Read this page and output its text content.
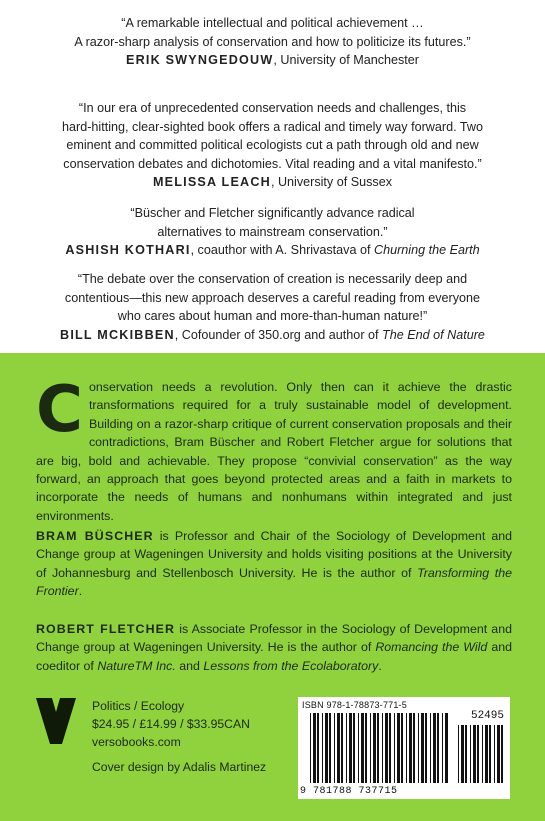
“A remarkable intellectual and political achievement …
A razor-sharp analysis of conservation and how to politicize its futures.”
ERIK SWYNGEDOUW, University of Manchester
“In our era of unprecedented conservation needs and challenges, this
hard-hitting, clear-sighted book offers a radical and timely way forward. Two
eminent and committed political ecologists cut a path through old and new
conservation debates and dichotomies. Vital reading and a vital manifesto.”
MELISSA LEACH, University of Sussex
“Büscher and Fletcher significantly advance radical
alternatives to mainstream conservation.”
ASHISH KOTHARI, coauthor with A. Shrivastava of Churning the Earth
“The debate over the conservation of creation is necessarily deep and
contentious—this new approach deserves a careful reading from everyone
who cares about human and more-than-human nature!”
BILL MCKIBBEN, Cofounder of 350.org and author of The End of Nature
Conservation needs a revolution. Only then can it achieve the drastic transformations required for a truly sustainable model of development. Building on a razor-sharp critique of current conservation proposals and their contradictions, Bram Büscher and Robert Fletcher argue for solutions that are big, bold and achievable. They propose “convivial conservation” as the way forward, an approach that goes beyond protected areas and a faith in markets to incorporate the needs of humans and nonhumans within integrated and just environments.
BRAM BÜSCHER is Professor and Chair of the Sociology of Development and Change group at Wageningen University and holds visiting positions at the University of Johannesburg and Stellenbosch University. He is the author of Transforming the Frontier.
ROBERT FLETCHER is Associate Professor in the Sociology of Development and Change group at Wageningen University. He is the author of Romancing the Wild and coeditor of NatureTM Inc. and Lessons from the Ecolaboratory.
Politics / Ecology
$24.95 / £14.99 / $33.95CAN
versobooks.com
Cover design by Adalis Martinez
ISBN 978-1-78873-771-5
52495
9 781788 737715
